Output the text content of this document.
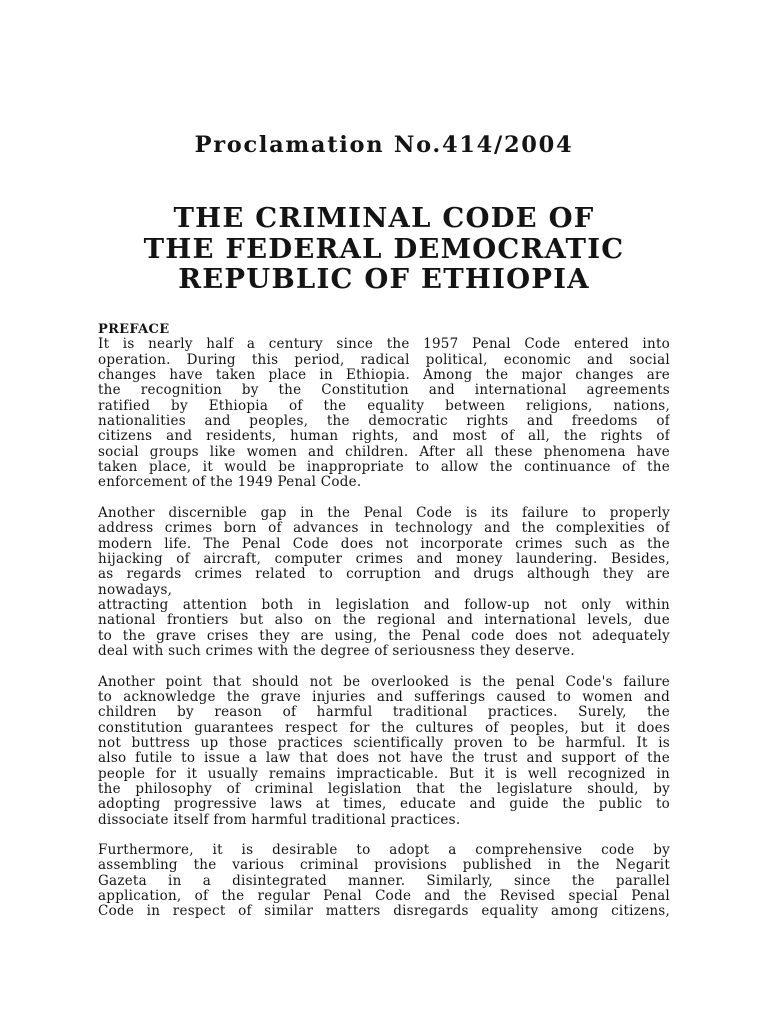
Proclamation No.414/2004
THE CRIMINAL CODE OF
THE FEDERAL DEMOCRATIC
REPUBLIC OF ETHIOPIA
PREFACE
It is nearly half a century since the 1957 Penal Code entered into
operation. During this period, radical political, economic and social
changes have taken place in Ethiopia. Among the major changes are
the recognition by the Constitution and international agreements
ratified by Ethiopia of the equality between religions, nations,
nationalities and peoples, the democratic rights and freedoms of
citizens and residents, human rights, and most of all, the rights of
social groups like women and children. After all these phenomena have
taken place, it would be inappropriate to allow the continuance of the
enforcement of the 1949 Penal Code.
Another discernible gap in the Penal Code is its failure to properly
address crimes born of advances in technology and the complexities of
modern life. The Penal Code does not incorporate crimes such as the
hijacking of aircraft, computer crimes and money laundering. Besides,
as regards crimes related to corruption and drugs although they are
nowadays,
attracting attention both in legislation and follow-up not only within
national frontiers but also on the regional and international levels, due
to the grave crises they are using, the Penal code does not adequately
deal with such crimes with the degree of seriousness they deserve.
Another point that should not be overlooked is the penal Code's failure
to acknowledge the grave injuries and sufferings caused to women and
children by reason of harmful traditional practices. Surely, the
constitution guarantees respect for the cultures of peoples, but it does
not buttress up those practices scientifically proven to be harmful. It is
also futile to issue a law that does not have the trust and support of the
people for it usually remains impracticable. But it is well recognized in
the philosophy of criminal legislation that the legislature should, by
adopting progressive laws at times, educate and guide the public to
dissociate itself from harmful traditional practices.
Furthermore, it is desirable to adopt a comprehensive code by
assembling the various criminal provisions published in the Negarit
Gazeta in a disintegrated manner. Similarly, since the parallel
application, of the regular Penal Code and the Revised special Penal
Code in respect of similar matters disregards equality among citizens,
